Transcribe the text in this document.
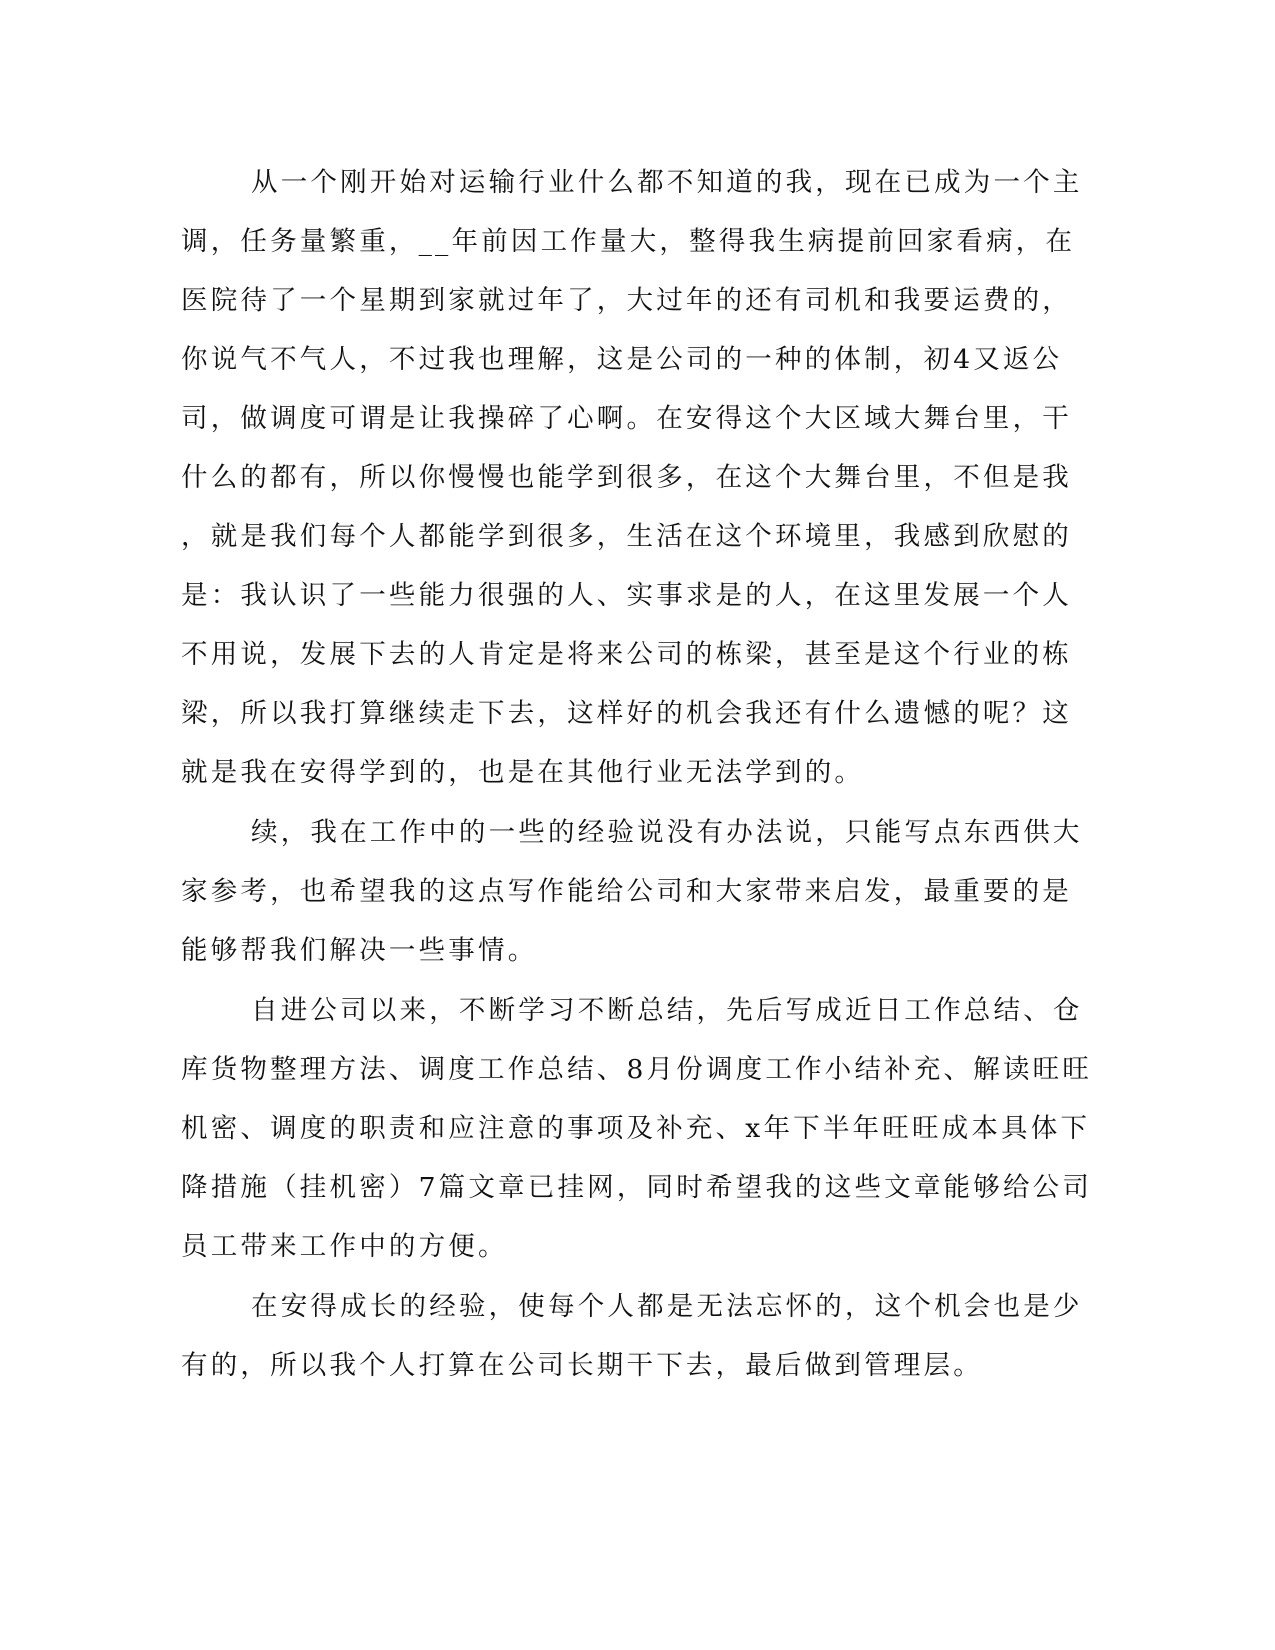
从一个刚开始对运输行业什么都不知道的我，现在已成为一个主
调，任务量繁重，__年前因工作量大，整得我生病提前回家看病，在
医院待了一个星期到家就过年了，大过年的还有司机和我要运费的，
你说气不气人，不过我也理解，这是公司的一种的体制，初4又返公
司，做调度可谓是让我操碎了心啊。在安得这个大区域大舞台里，干
什么的都有，所以你慢慢也能学到很多，在这个大舞台里，不但是我
，就是我们每个人都能学到很多，生活在这个环境里，我感到欣慰的
是：我认识了一些能力很强的人、实事求是的人，在这里发展一个人
不用说，发展下去的人肯定是将来公司的栋梁，甚至是这个行业的栋
梁，所以我打算继续走下去，这样好的机会我还有什么遗憾的呢？这
就是我在安得学到的，也是在其他行业无法学到的。
续，我在工作中的一些的经验说没有办法说，只能写点东西供大
家参考，也希望我的这点写作能给公司和大家带来启发，最重要的是
能够帮我们解决一些事情。
自进公司以来，不断学习不断总结，先后写成近日工作总结、仓
库货物整理方法、调度工作总结、8月份调度工作小结补充、解读旺旺
机密、调度的职责和应注意的事项及补充、x年下半年旺旺成本具体下
降措施（挂机密）7篇文章已挂网，同时希望我的这些文章能够给公司
员工带来工作中的方便。
在安得成长的经验，使每个人都是无法忘怀的，这个机会也是少
有的，所以我个人打算在公司长期干下去，最后做到管理层。
